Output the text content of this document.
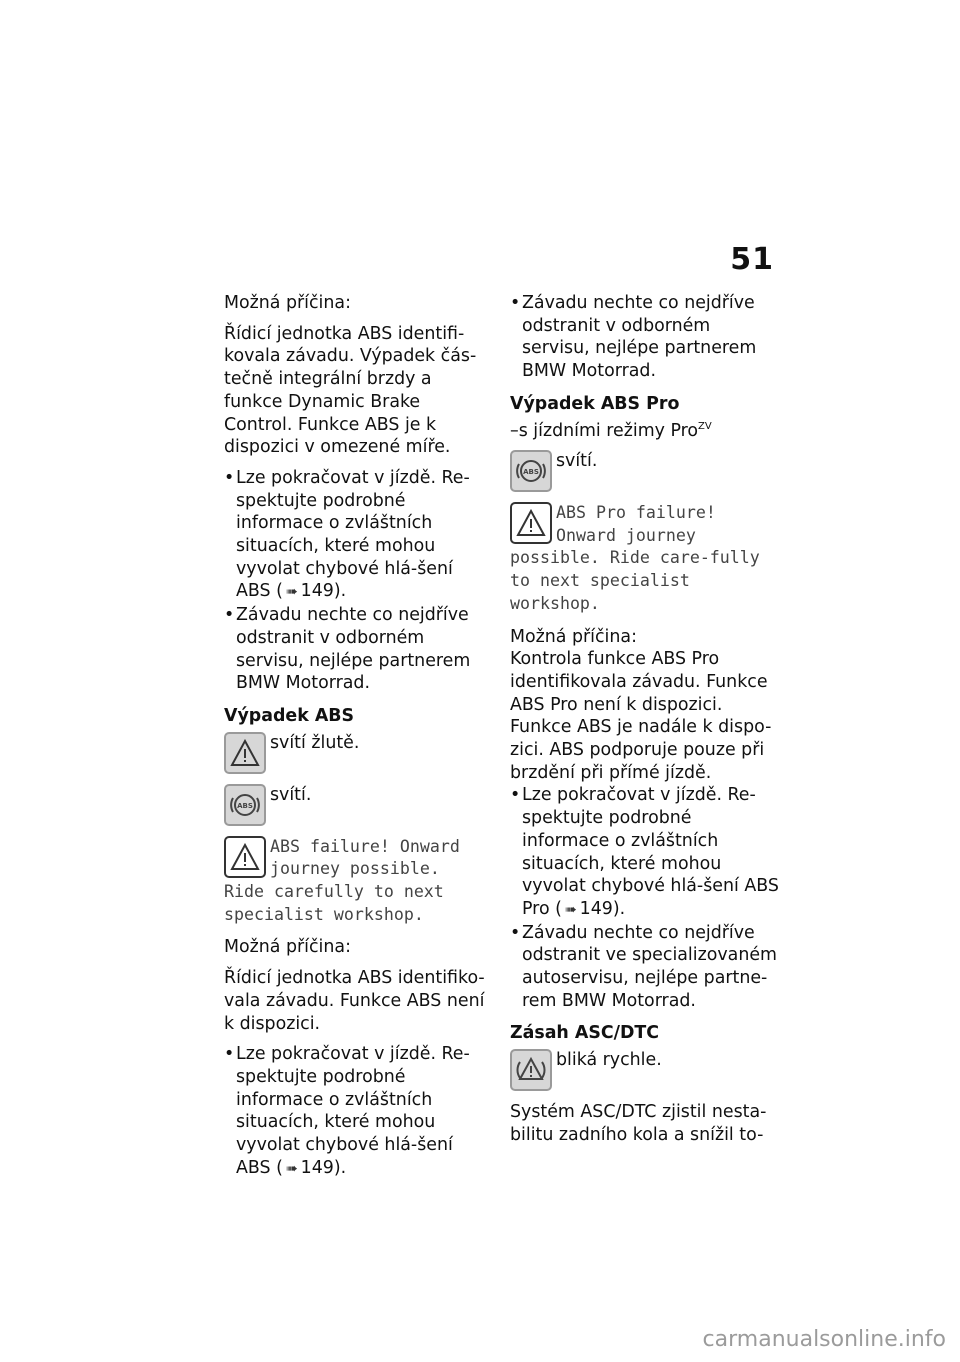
51

Možná příčina:

Řídicí jednotka ABS identifi-kovala závadu. Výpadek čás-tečně integrální brzdy a funkce Dynamic Brake Control. Funkce ABS je k dispozici v omezené míře.

• Lze pokračovat v jízdě. Re-spektujte podrobné informace o zvláštních situacích, které mohou vyvolat chybové hlá-šení ABS ( ➠ 149).
• Závadu nechte co nejdříve odstranit v odborném servisu, nejlépe partnerem BMW Motorrad.

Výpadek ABS

svítí žlutě.
ABS
svítí.
ABS failure! Onward journey possible.
Ride carefully to next specialist workshop.

Možná příčina:

Řídicí jednotka ABS identifiko-vala závadu. Funkce ABS není k dispozici.

• Lze pokračovat v jízdě. Re-spektujte podrobné informace o zvláštních situacích, které mohou vyvolat chybové hlá-šení ABS ( ➠ 149).
• Závadu nechte co nejdříve odstranit v odborném servisu, nejlépe partnerem BMW Motorrad.

Výpadek ABS Pro

–s jízdními režimy Pro$^{ZV}$

ABS
svítí.
ABS Pro failure! Onward journey
possible. Ride care-fully to next specialist workshop.

Možná příčina:

Kontrola funkce ABS Pro identifikovala závadu. Funkce ABS Pro není k dispozici. Funkce ABS je nadále k dispo-zici. ABS podporuje pouze při brzdění při přímé jízdě.

• Lze pokračovat v jízdě. Re-spektujte podrobné informace o zvláštních situacích, které mohou vyvolat chybové hlá-šení ABS Pro ( ➠ 149).
• Závadu nechte co nejdříve odstranit ve specializovaném autoservisu, nejlépe partne-rem BMW Motorrad.

Zásah ASC/DTC

bliká rychle.

Systém ASC/DTC zjistil nesta-bilitu zadního kola a snížil to-

carmanualsonline.info
